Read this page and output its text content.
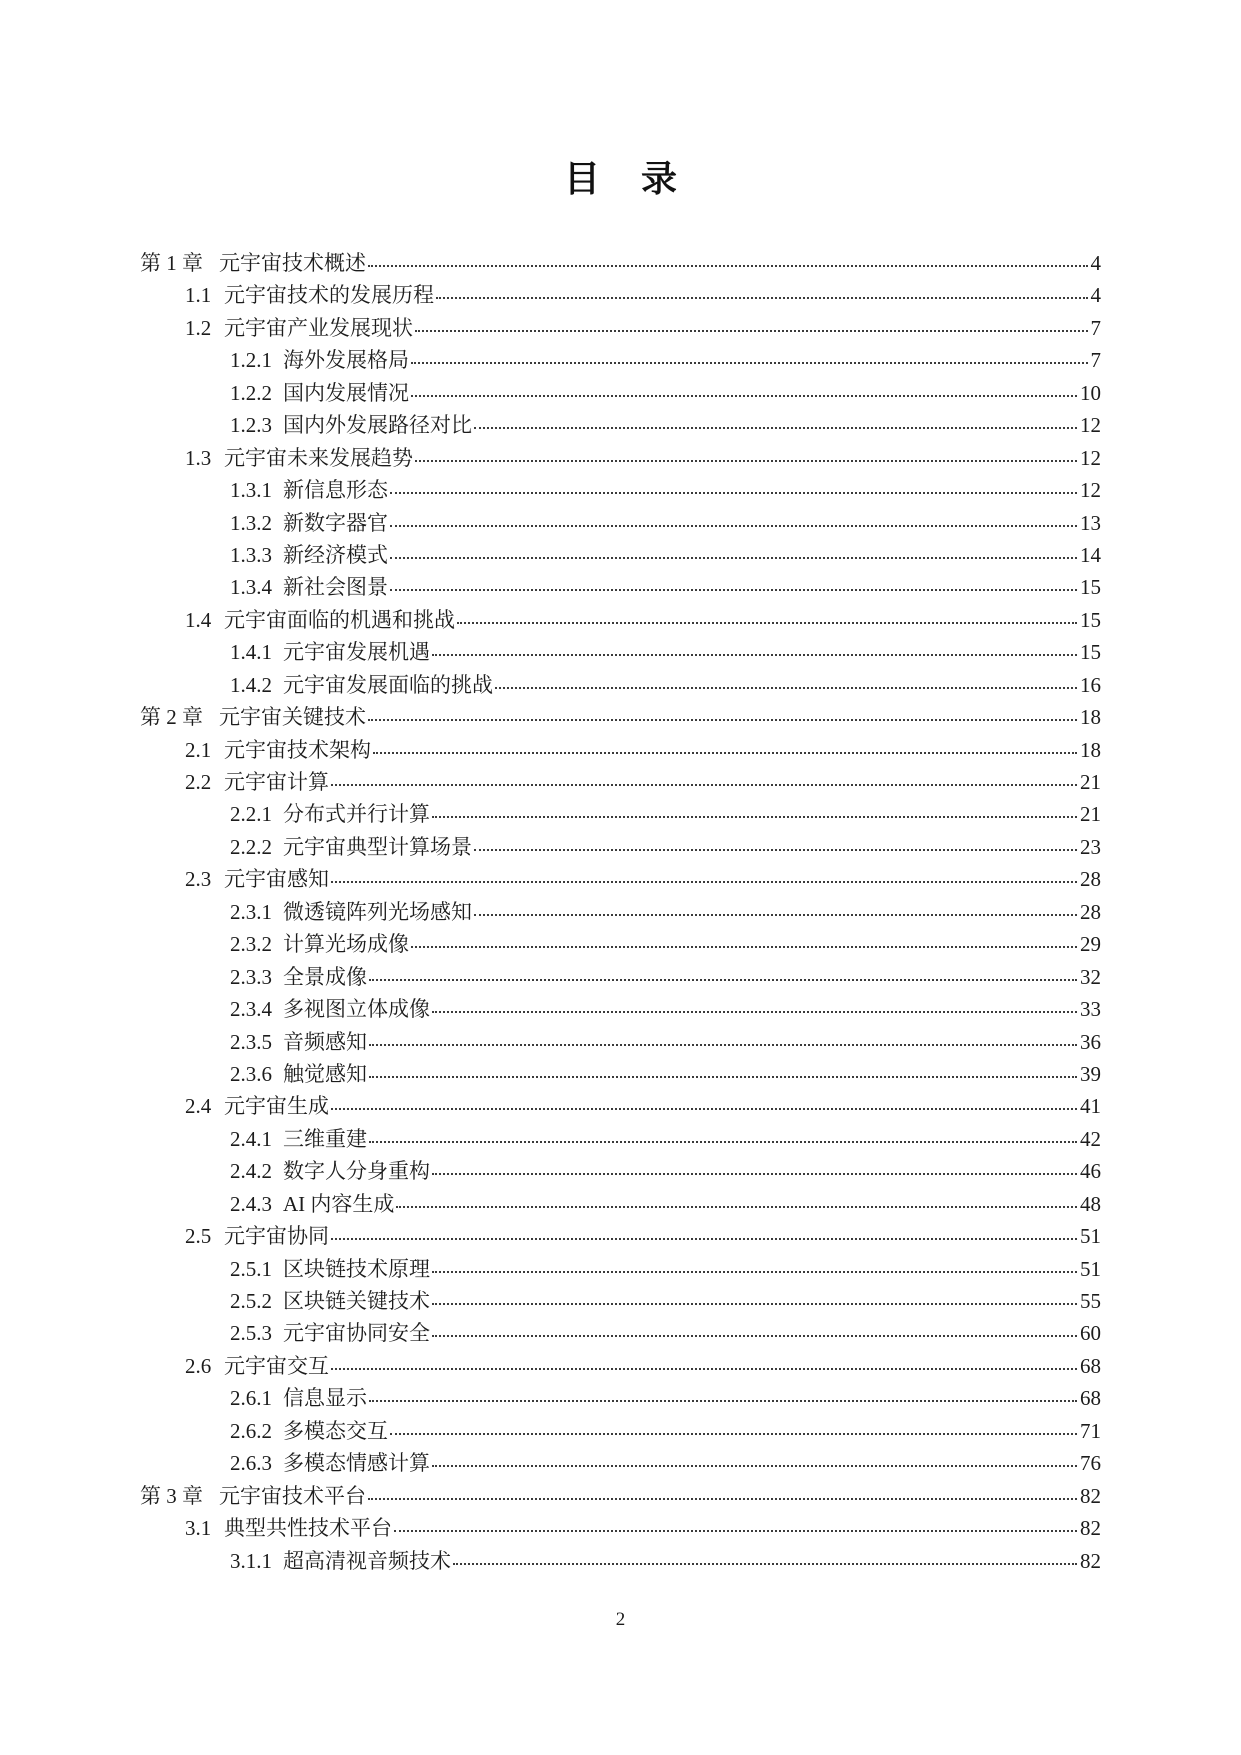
目 录
第 1 章 元宇宙技术概述	4
1.1 元宇宙技术的发展历程	4
1.2 元宇宙产业发展现状	7
1.2.1 海外发展格局	7
1.2.2 国内发展情况	10
1.2.3 国内外发展路径对比	12
1.3 元宇宙未来发展趋势	12
1.3.1 新信息形态	12
1.3.2 新数字器官	13
1.3.3 新经济模式	14
1.3.4 新社会图景	15
1.4 元宇宙面临的机遇和挑战	15
1.4.1 元宇宙发展机遇	15
1.4.2 元宇宙发展面临的挑战	16
第 2 章 元宇宙关键技术	18
2.1 元宇宙技术架构	18
2.2 元宇宙计算	21
2.2.1 分布式并行计算	21
2.2.2 元宇宙典型计算场景	23
2.3 元宇宙感知	28
2.3.1 微透镜阵列光场感知	28
2.3.2 计算光场成像	29
2.3.3 全景成像	32
2.3.4 多视图立体成像	33
2.3.5 音频感知	36
2.3.6 触觉感知	39
2.4 元宇宙生成	41
2.4.1 三维重建	42
2.4.2 数字人分身重构	46
2.4.3 AI 内容生成	48
2.5 元宇宙协同	51
2.5.1 区块链技术原理	51
2.5.2 区块链关键技术	55
2.5.3 元宇宙协同安全	60
2.6 元宇宙交互	68
2.6.1 信息显示	68
2.6.2 多模态交互	71
2.6.3 多模态情感计算	76
第 3 章 元宇宙技术平台	82
3.1 典型共性技术平台	82
3.1.1 超高清视音频技术	82
2
